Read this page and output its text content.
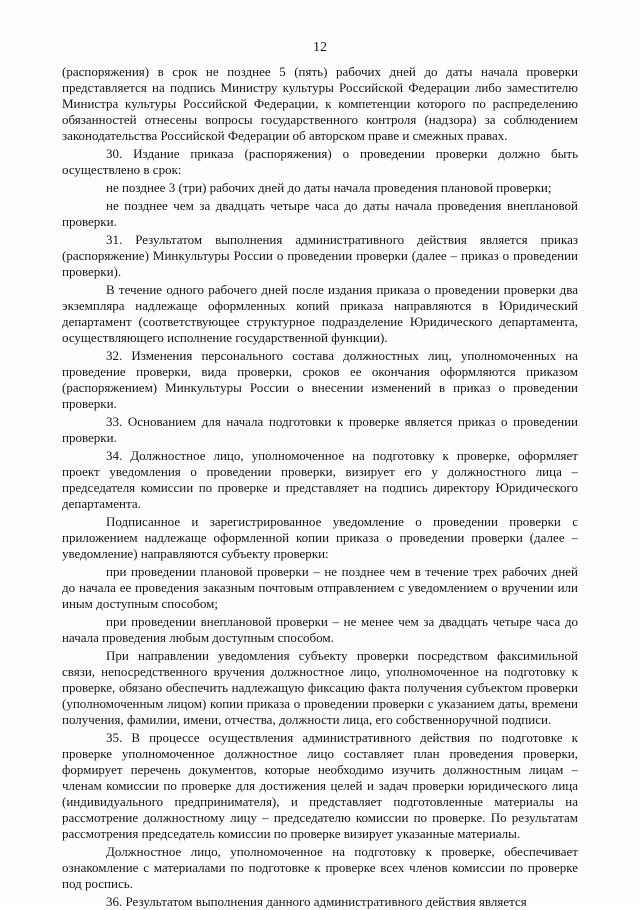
12

(распоряжения) в срок не позднее 5 (пять) рабочих дней до даты начала проверки представляется на подпись Министру культуры Российской Федерации либо заместителю Министра культуры Российской Федерации, к компетенции которого по распределению обязанностей отнесены вопросы государственного контроля (надзора) за соблюдением законодательства Российской Федерации об авторском праве и смежных правах.

30. Издание приказа (распоряжения) о проведении проверки должно быть осуществлено в срок:

не позднее 3 (три) рабочих дней до даты начала проведения плановой проверки;

не позднее чем за двадцать четыре часа до даты начала проведения внеплановой проверки.

31. Результатом выполнения административного действия является приказ (распоряжение) Минкультуры России о проведении проверки (далее – приказ о проведении проверки).

В течение одного рабочего дней после издания приказа о проведении проверки два экземпляра надлежаще оформленных копий приказа направляются в Юридический департамент (соответствующее структурное подразделение Юридического департамента, осуществляющего исполнение государственной функции).

32. Изменения персонального состава должностных лиц, уполномоченных на проведение проверки, вида проверки, сроков ее окончания оформляются приказом (распоряжением) Минкультуры России о внесении изменений в приказ о проведении проверки.

33. Основанием для начала подготовки к проверке является приказ о проведении проверки.

34. Должностное лицо, уполномоченное на подготовку к проверке, оформляет проект уведомления о проведении проверки, визирует его у должностного лица – председателя комиссии по проверке и представляет на подпись директору Юридического департамента.

Подписанное и зарегистрированное уведомление о проведении проверки с приложением надлежаще оформленной копии приказа о проведении проверки (далее – уведомление) направляются субъекту проверки:

при проведении плановой проверки – не позднее чем в течение трех рабочих дней до начала ее проведения заказным почтовым отправлением с уведомлением о вручении или иным доступным способом;

при проведении внеплановой проверки – не менее чем за двадцать четыре часа до начала проведения любым доступным способом.

При направлении уведомления субъекту проверки посредством факсимильной связи, непосредственного вручения должностное лицо, уполномоченное на подготовку к проверке, обязано обеспечить надлежащую фиксацию факта получения субъектом проверки (уполномоченным лицом) копии приказа о проведении проверки с указанием даты, времени получения, фамилии, имени, отчества, должности лица, его собственноручной подписи.

35. В процессе осуществления административного действия по подготовке к проверке уполномоченное должностное лицо составляет план проведения проверки, формирует перечень документов, которые необходимо изучить должностным лицам – членам комиссии по проверке для достижения целей и задач проверки юридического лица (индивидуального предпринимателя), и представляет подготовленные материалы на рассмотрение должностному лицу – председателю комиссии по проверке. По результатам рассмотрения председатель комиссии по проверке визирует указанные материалы.

Должностное лицо, уполномоченное на подготовку к проверке, обеспечивает ознакомление с материалами по подготовке к проверке всех членов комиссии по проверке под роспись.

36. Результатом выполнения данного административного действия является
